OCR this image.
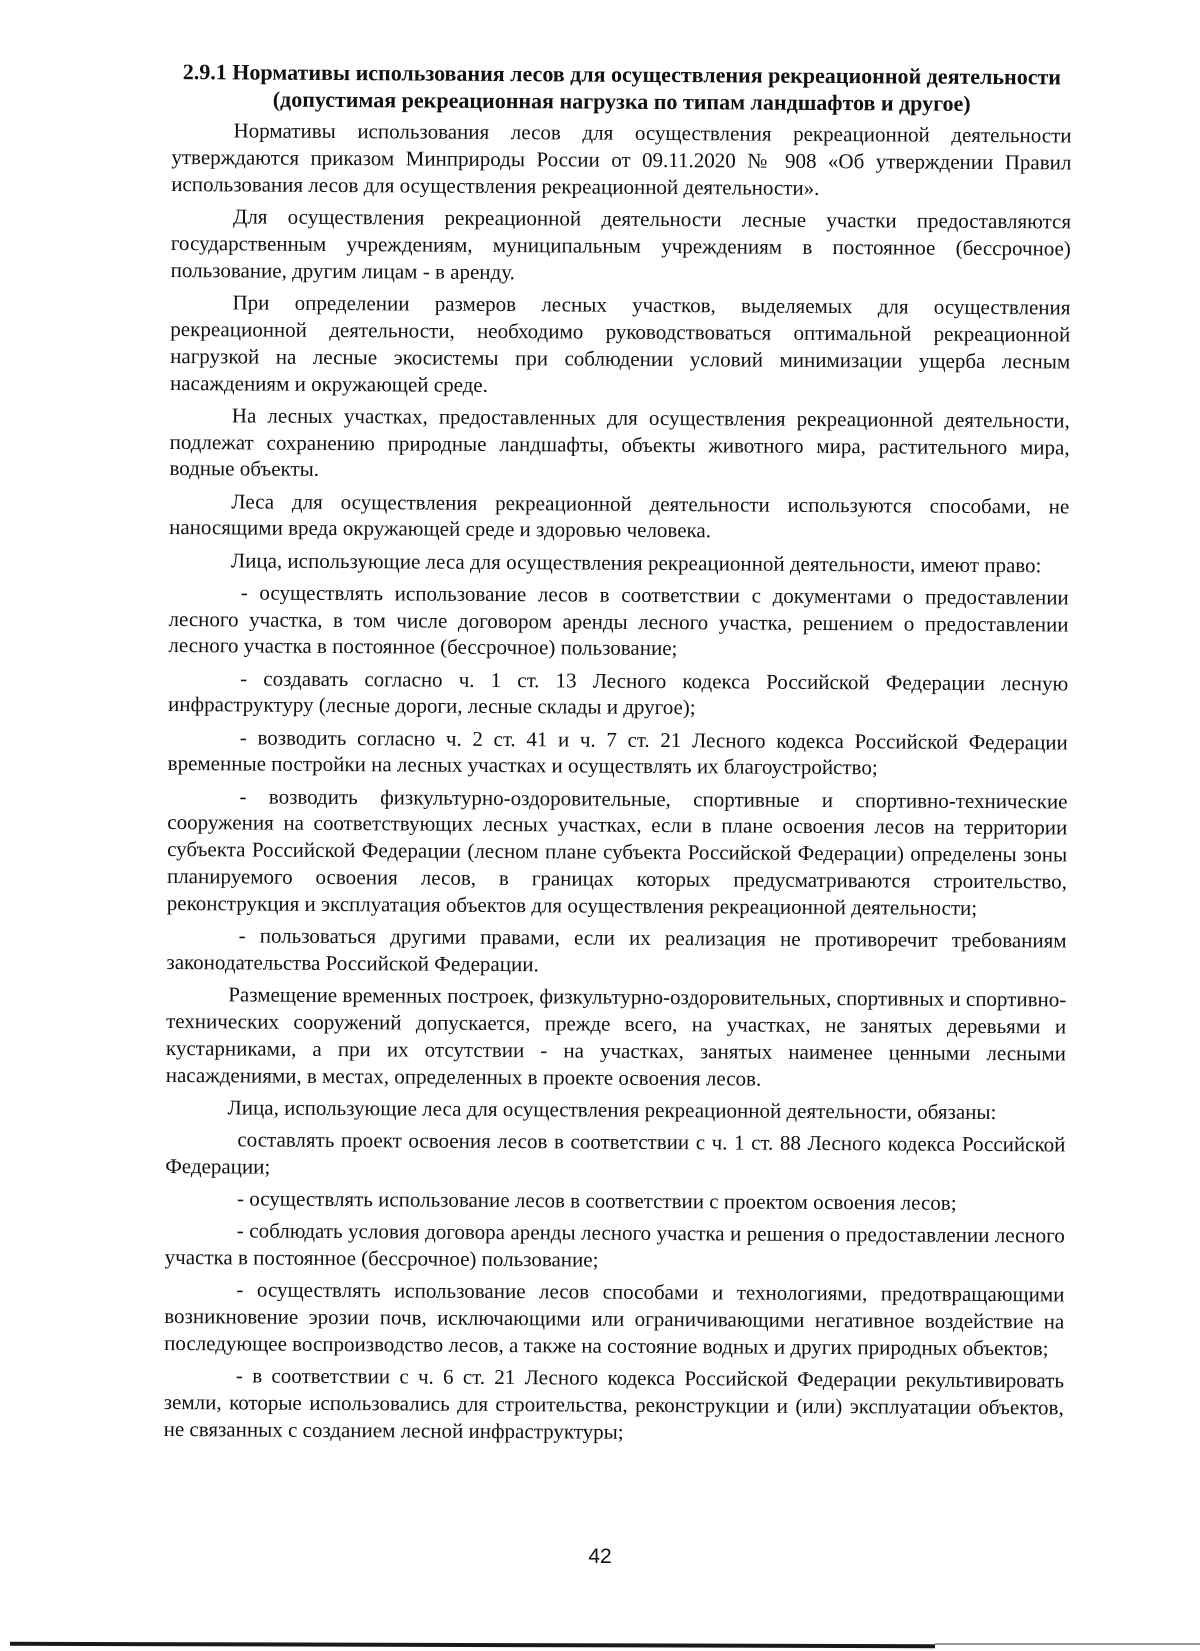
2.9.1 Нормативы использования лесов для осуществления рекреационной деятельности (допустимая рекреационная нагрузка по типам ландшафтов и другое)

Нормативы использования лесов для осуществления рекреационной деятельности утверждаются приказом Минприроды России от 09.11.2020 № 908 «Об утверждении Правил использования лесов для осуществления рекреационной деятельности».

Для осуществления рекреационной деятельности лесные участки предоставляются государственным учреждениям, муниципальным учреждениям в постоянное (бессрочное) пользование, другим лицам - в аренду.

При определении размеров лесных участков, выделяемых для осуществления рекреационной деятельности, необходимо руководствоваться оптимальной рекреационной нагрузкой на лесные экосистемы при соблюдении условий минимизации ущерба лесным насаждениям и окружающей среде.

На лесных участках, предоставленных для осуществления рекреационной деятельности, подлежат сохранению природные ландшафты, объекты животного мира, растительного мира, водные объекты.

Леса для осуществления рекреационной деятельности используются способами, не наносящими вреда окружающей среде и здоровью человека.

Лица, использующие леса для осуществления рекреационной деятельности, имеют право:

- осуществлять использование лесов в соответствии с документами о предоставлении лесного участка, в том числе договором аренды лесного участка, решением о предоставлении лесного участка в постоянное (бессрочное) пользование;

- создавать согласно ч. 1 ст. 13 Лесного кодекса Российской Федерации лесную инфраструктуру (лесные дороги, лесные склады и другое);

- возводить согласно ч. 2 ст. 41 и ч. 7 ст. 21 Лесного кодекса Российской Федерации временные постройки на лесных участках и осуществлять их благоустройство;

- возводить физкультурно-оздоровительные, спортивные и спортивно-технические сооружения на соответствующих лесных участках, если в плане освоения лесов на территории субъекта Российской Федерации (лесном плане субъекта Российской Федерации) определены зоны планируемого освоения лесов, в границах которых предусматриваются строительство, реконструкция и эксплуатация объектов для осуществления рекреационной деятельности;

- пользоваться другими правами, если их реализация не противоречит требованиям законодательства Российской Федерации.

Размещение временных построек, физкультурно-оздоровительных, спортивных и спортивно-технических сооружений допускается, прежде всего, на участках, не занятых деревьями и кустарниками, а при их отсутствии - на участках, занятых наименее ценными лесными насаждениями, в местах, определенных в проекте освоения лесов.

Лица, использующие леса для осуществления рекреационной деятельности, обязаны:

составлять проект освоения лесов в соответствии с ч. 1 ст. 88 Лесного кодекса Российской Федерации;

- осуществлять использование лесов в соответствии с проектом освоения лесов;

- соблюдать условия договора аренды лесного участка и решения о предоставлении лесного участка в постоянное (бессрочное) пользование;

- осуществлять использование лесов способами и технологиями, предотвращающими возникновение эрозии почв, исключающими или ограничивающими негативное воздействие на последующее воспроизводство лесов, а также на состояние водных и других природных объектов;

- в соответствии с ч. 6 ст. 21 Лесного кодекса Российской Федерации рекультивировать земли, которые использовались для строительства, реконструкции и (или) эксплуатации объектов, не связанных с созданием лесной инфраструктуры;

42
